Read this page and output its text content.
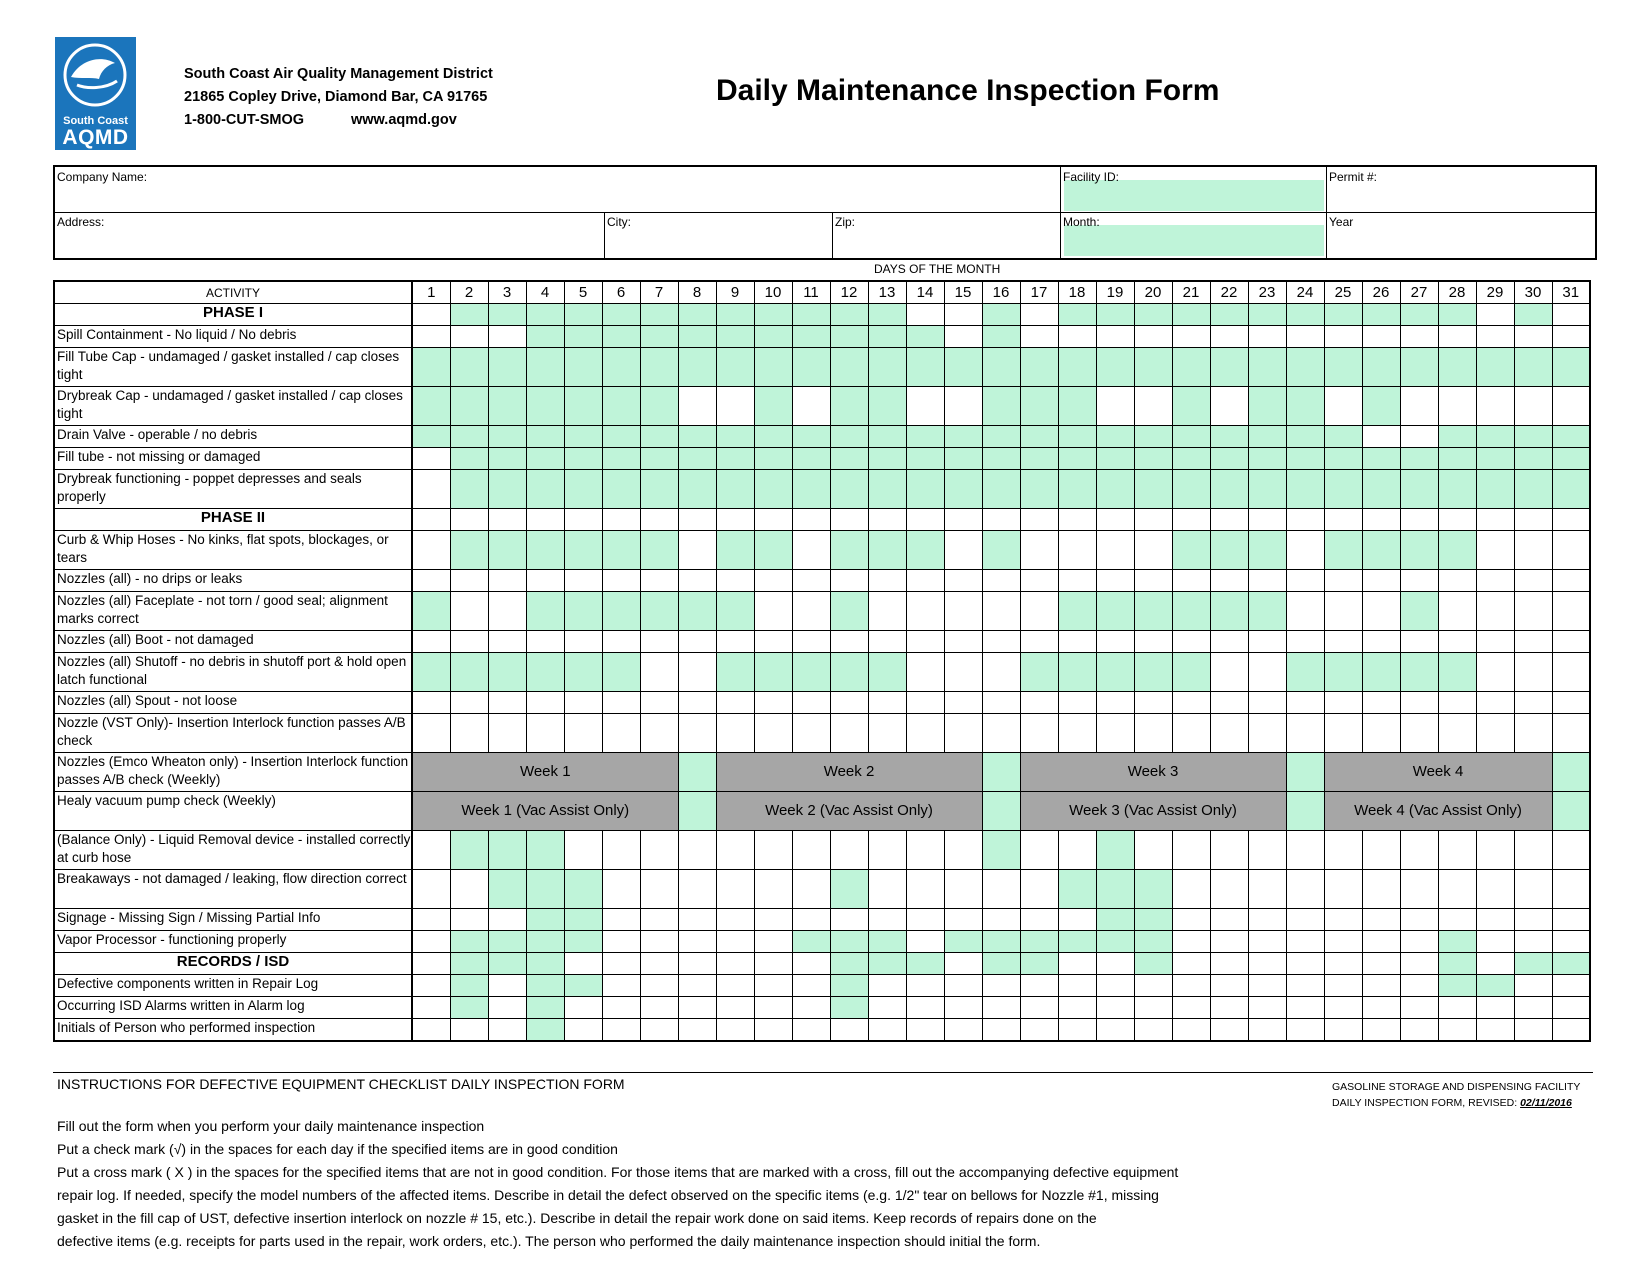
South Coast
AQMD
South Coast Air Quality Management District
21865 Copley Drive, Diamond Bar, CA 91765
1-800-CUT-SMOG	www.aqmd.gov
Daily Maintenance Inspection Form
Company Name:	Facility ID:	Permit #:
Address:	City:	Zip:	Month:	Year
DAYS OF THE MONTH
ACTIVITY	1	2	3	4	5	6	7	8	9	10	11	12	13	14	15	16	17	18	19	20	21	22	23	24	25	26	27	28	29	30	31
PHASE I																															
Spill Containment - No liquid / No debris																															
Fill Tube Cap - undamaged / gasket installed / cap closes tight																															
Drybreak Cap - undamaged / gasket installed / cap closes tight																															
Drain Valve - operable / no debris																															
Fill tube - not missing or damaged																															
Drybreak functioning - poppet depresses and seals properly																															
PHASE II																															
Curb & Whip Hoses - No kinks, flat spots, blockages, or tears																															
Nozzles (all) - no drips or leaks																															
Nozzles (all) Faceplate - not torn / good seal; alignment marks correct																															
Nozzles (all) Boot - not damaged																															
Nozzles (all) Shutoff - no debris in shutoff port & hold open latch functional																															
Nozzles (all) Spout - not loose																															
Nozzle (VST Only)- Insertion Interlock function passes A/B check																															
Nozzles (Emco Wheaton only) - Insertion Interlock function passes A/B check (Weekly)	Week 1								Week 2								Week 3								Week 4						
Healy vacuum pump check (Weekly)	Week 1 (Vac Assist Only)								Week 2 (Vac Assist Only)								Week 3 (Vac Assist Only)								Week 4 (Vac Assist Only)						
(Balance Only) - Liquid Removal device - installed correctly at curb hose																															
Breakaways - not damaged / leaking, flow direction correct																															
Signage - Missing Sign / Missing Partial Info																															
Vapor Processor - functioning properly																															
RECORDS / ISD																															
Defective components written in Repair Log																															
Occurring ISD Alarms written in Alarm log																															
Initials of Person who performed inspection																															
INSTRUCTIONS FOR DEFECTIVE EQUIPMENT CHECKLIST DAILY INSPECTION FORM	GASOLINE STORAGE AND DISPENSING FACILITY
DAILY INSPECTION FORM, REVISED: 02/11/2016
Fill out the form when you perform your daily maintenance inspection
Put a check mark (√) in the spaces for each day if the specified items are in good condition
Put a cross mark ( X ) in the spaces for the specified items that are not in good condition. For those items that are marked with a cross, fill out the accompanying defective equipment
repair log. If needed, specify the model numbers of the affected items. Describe in detail the defect observed on the specific items (e.g. 1/2" tear on bellows for Nozzle #1, missing
gasket in the fill cap of UST, defective insertion interlock on nozzle # 15, etc.). Describe in detail the repair work done on said items. Keep records of repairs done on the
defective items (e.g. receipts for parts used in the repair, work orders, etc.). The person who performed the daily maintenance inspection should initial the form.
